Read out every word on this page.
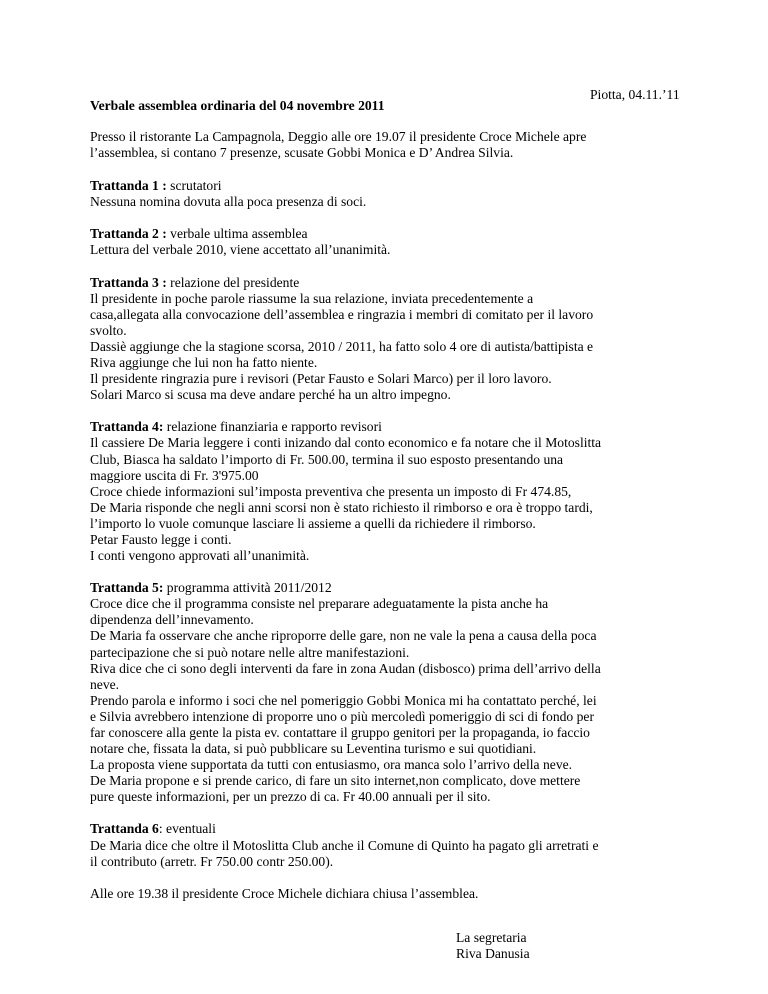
Piotta, 04.11.’11
Verbale assemblea ordinaria del 04 novembre 2011

Presso il ristorante La Campagnola, Deggio alle ore 19.07 il presidente Croce Michele apre
l’assemblea, si contano 7 presenze, scusate Gobbi Monica e D’ Andrea Silvia.

Trattanda 1 : scrutatori
Nessuna nomina dovuta alla poca presenza di soci.

Trattanda 2 : verbale ultima assemblea
Lettura del verbale 2010, viene accettato all’unanimità.

Trattanda 3 : relazione del presidente
Il presidente in poche parole riassume la sua relazione, inviata precedentemente a
casa,allegata alla convocazione dell’assemblea e ringrazia i membri di comitato per il lavoro
svolto.
Dassiè aggiunge che la stagione scorsa, 2010 / 2011, ha fatto solo 4 ore di autista/battipista e
Riva aggiunge che lui non ha fatto niente.
Il presidente ringrazia pure i revisori (Petar Fausto e Solari Marco) per il loro lavoro.
Solari Marco si scusa ma deve andare perché ha un altro impegno.

Trattanda 4: relazione finanziaria e rapporto revisori
Il cassiere De Maria leggere i conti inizando dal conto economico e fa notare che il Motoslitta
Club, Biasca ha saldato l’importo di Fr. 500.00, termina il suo esposto presentando una
maggiore uscita di Fr. 3'975.00
Croce chiede informazioni sul’imposta preventiva che presenta un imposto di Fr 474.85,
De Maria risponde che negli anni scorsi non è stato richiesto il rimborso e ora è troppo tardi,
l’importo lo vuole comunque lasciare li assieme a quelli da richiedere il rimborso.
Petar Fausto legge i conti.
I conti vengono approvati all’unanimità.

Trattanda 5: programma attività 2011/2012
Croce dice che il programma consiste nel preparare adeguatamente la pista anche ha
dipendenza dell’innevamento.
De Maria fa osservare che anche riproporre delle gare, non ne vale la pena a causa della poca
partecipazione che si può notare nelle altre manifestazioni.
Riva dice che ci sono degli interventi da fare in zona Audan (disbosco) prima dell’arrivo della
neve.
Prendo parola e informo i soci che nel pomeriggio Gobbi Monica mi ha contattato perché, lei
e Silvia avrebbero intenzione di proporre uno o più mercoledì pomeriggio di sci di fondo per
far conoscere alla gente la pista ev. contattare il gruppo genitori per la propaganda, io faccio
notare che, fissata la data, si può pubblicare su Leventina turismo e sui quotidiani.
La proposta viene supportata da tutti con entusiasmo, ora manca solo l’arrivo della neve.
De Maria propone e si prende carico, di fare un sito internet,non complicato, dove mettere
pure queste informazioni, per un prezzo di ca. Fr 40.00 annuali per il sito.

Trattanda 6: eventuali
De Maria dice che oltre il Motoslitta Club anche il Comune di Quinto ha pagato gli arretrati e
il contributo (arretr. Fr 750.00 contr 250.00).

Alle ore 19.38 il presidente Croce Michele dichiara chiusa l’assemblea.

La segretaria
Riva Danusia
